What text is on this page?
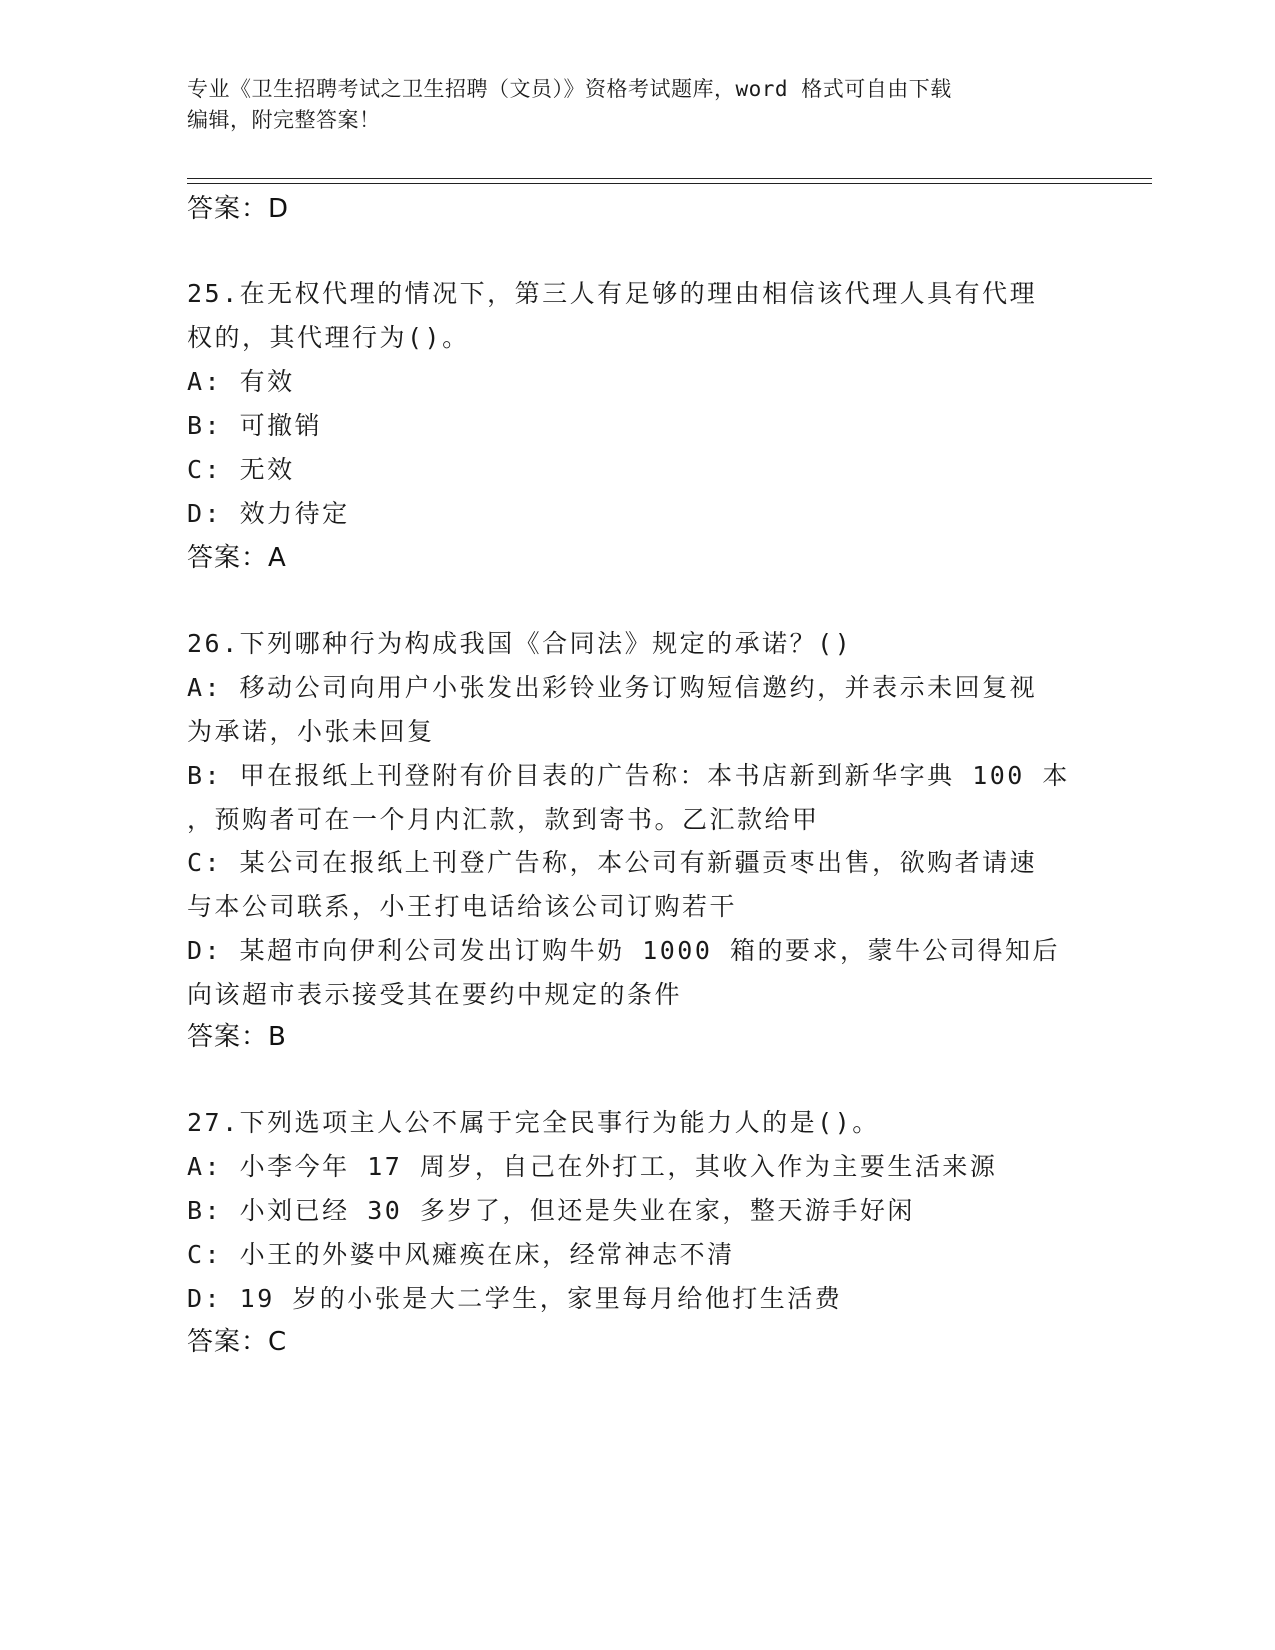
专业《卫生招聘考试之卫生招聘（文员）》资格考试题库，word 格式可自由下载
编辑，附完整答案！
答案：D
25.在无权代理的情况下，第三人有足够的理由相信该代理人具有代理
权的，其代理行为()。
A: 有效
B: 可撤销
C: 无效
D: 效力待定
答案：A
26.下列哪种行为构成我国《合同法》规定的承诺？()
A: 移动公司向用户小张发出彩铃业务订购短信邀约，并表示未回复视
为承诺，小张未回复
B: 甲在报纸上刊登附有价目表的广告称：本书店新到新华字典 100 本
，预购者可在一个月内汇款，款到寄书。乙汇款给甲
C: 某公司在报纸上刊登广告称，本公司有新疆贡枣出售，欲购者请速
与本公司联系，小王打电话给该公司订购若干
D: 某超市向伊利公司发出订购牛奶 1000 箱的要求，蒙牛公司得知后
向该超市表示接受其在要约中规定的条件
答案：B
27.下列选项主人公不属于完全民事行为能力人的是()。
A: 小李今年 17 周岁，自己在外打工，其收入作为主要生活来源
B: 小刘已经 30 多岁了，但还是失业在家，整天游手好闲
C: 小王的外婆中风瘫痪在床，经常神志不清
D: 19 岁的小张是大二学生，家里每月给他打生活费
答案：C
